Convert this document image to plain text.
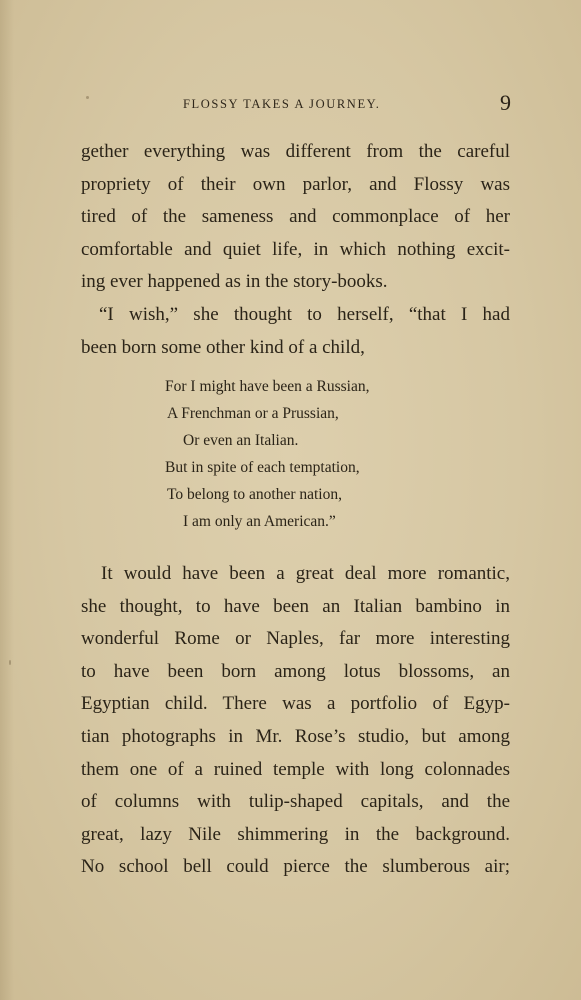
FLOSSY TAKES A JOURNEY.	9
gether everything was different from the careful
propriety of their own parlor, and Flossy was
tired of the sameness and commonplace of her
comfortable and quiet life, in which nothing excit-
ing ever happened as in the story-books.
“I wish,” she thought to herself, “that I had
been born some other kind of a child,
For I might have been a Russian,
A Frenchman or a Prussian,
Or even an Italian.
But in spite of each temptation,
To belong to another nation,
I am only an American.”
It would have been a great deal more romantic,
she thought, to have been an Italian bambino in
wonderful Rome or Naples, far more interesting
to have been born among lotus blossoms, an
Egyptian child. There was a portfolio of Egyp-
tian photographs in Mr. Rose’s studio, but among
them one of a ruined temple with long colonnades
of columns with tulip-shaped capitals, and the
great, lazy Nile shimmering in the background.
No school bell could pierce the slumberous air;
